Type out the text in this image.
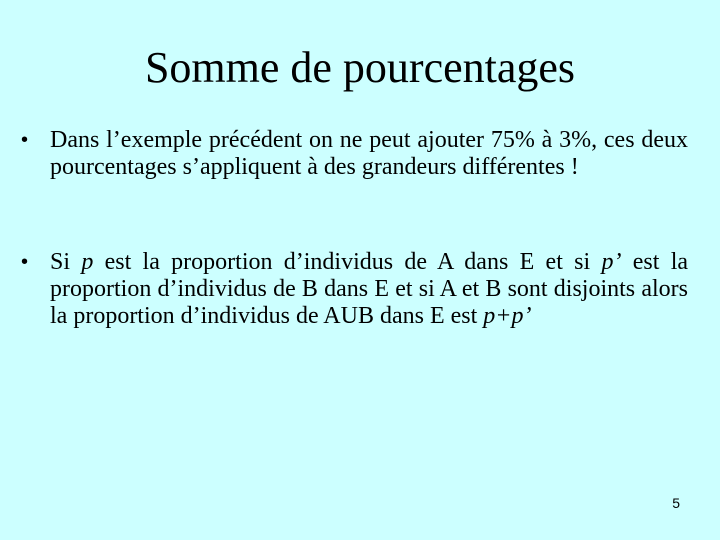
Somme de pourcentages
• Dans l’exemple précédent on ne peut ajouter 75% à 3%, ces deux pourcentages s’appliquent à des grandeurs différentes !
• Si p est la proportion d’individus de A dans E et si p’ est la proportion d’individus de B dans E et si A et B sont disjoints alors la proportion d’individus de AUB dans E est p+p’
5
